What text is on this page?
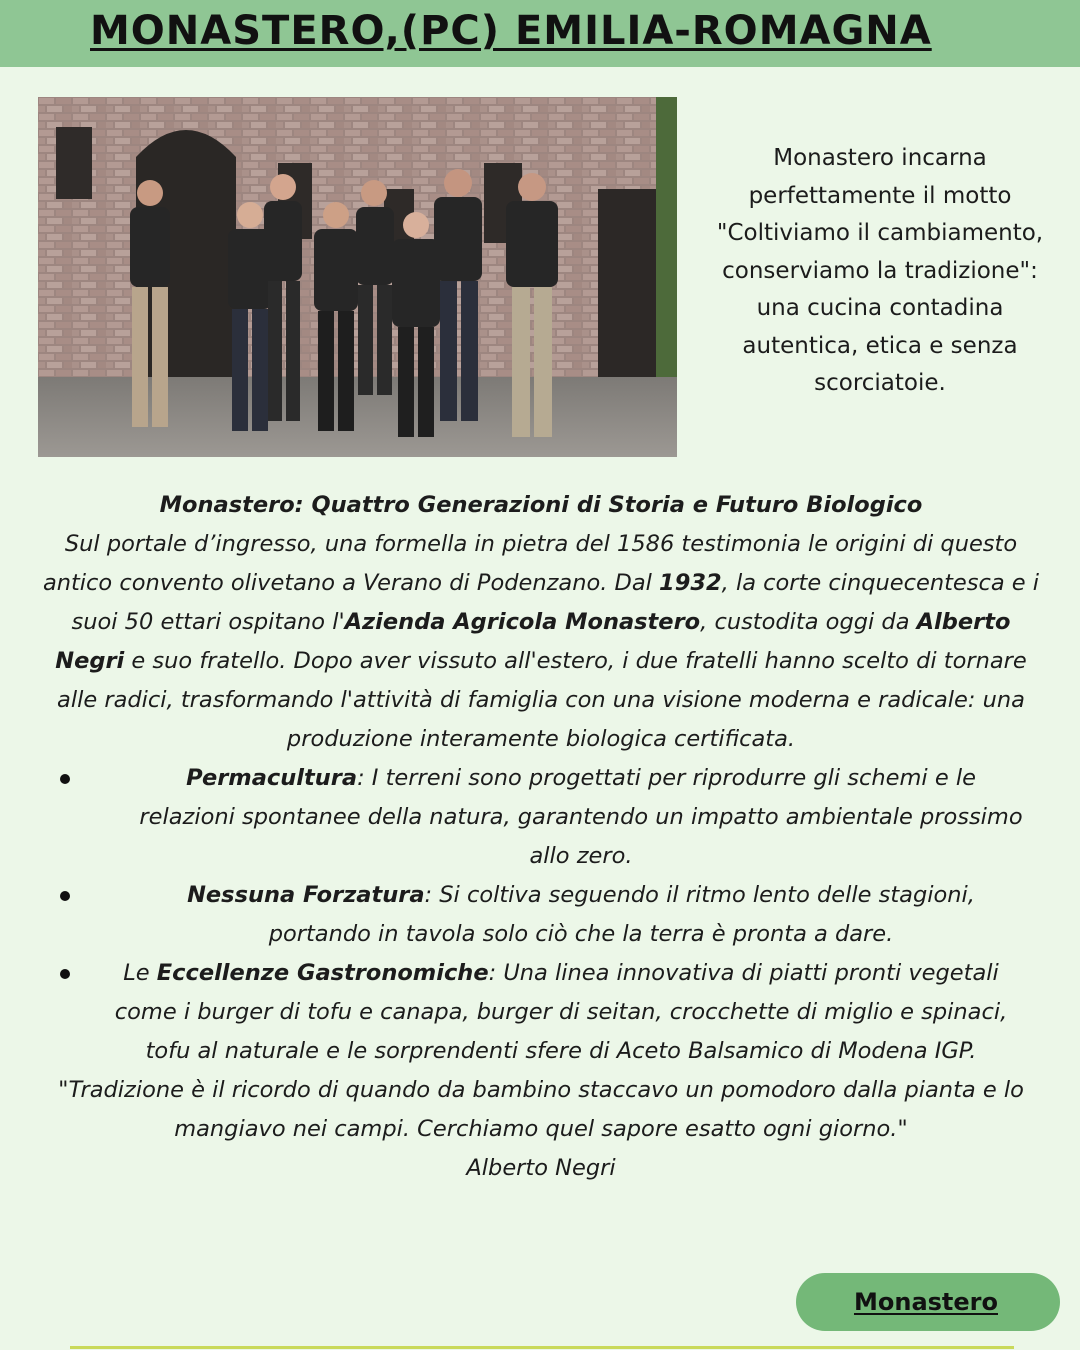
MONASTERO,(PC) EMILIA-ROMAGNA

Monastero incarna perfettamente il motto "Coltiviamo il cambiamento, conserviamo la tradizione": una cucina contadina autentica, etica e senza scorciatoie.

Monastero: Quattro Generazioni di Storia e Futuro Biologico

Sul portale d’ingresso, una formella in pietra del 1586 testimonia le origini di questo antico convento olivetano a Verano di Podenzano. Dal 1932, la corte cinquecentesca e i suoi 50 ettari ospitano l'Azienda Agricola Monastero, custodita oggi da Alberto Negri e suo fratello. Dopo aver vissuto all'estero, i due fratelli hanno scelto di tornare alle radici, trasformando l'attività di famiglia con una visione moderna e radicale: una produzione interamente biologica certificata.

Permacultura: I terreni sono progettati per riprodurre gli schemi e le relazioni spontanee della natura, garantendo un impatto ambientale prossimo allo zero.
Nessuna Forzatura: Si coltiva seguendo il ritmo lento delle stagioni, portando in tavola solo ciò che la terra è pronta a dare.
Le Eccellenze Gastronomiche: Una linea innovativa di piatti pronti vegetali come i burger di tofu e canapa, burger di seitan, crocchette di miglio e spinaci, tofu al naturale e le sorprendenti sfere di Aceto Balsamico di Modena IGP.

"Tradizione è il ricordo di quando da bambino staccavo un pomodoro dalla pianta e lo mangiavo nei campi. Cerchiamo quel sapore esatto ogni giorno."
Alberto Negri

Monastero
